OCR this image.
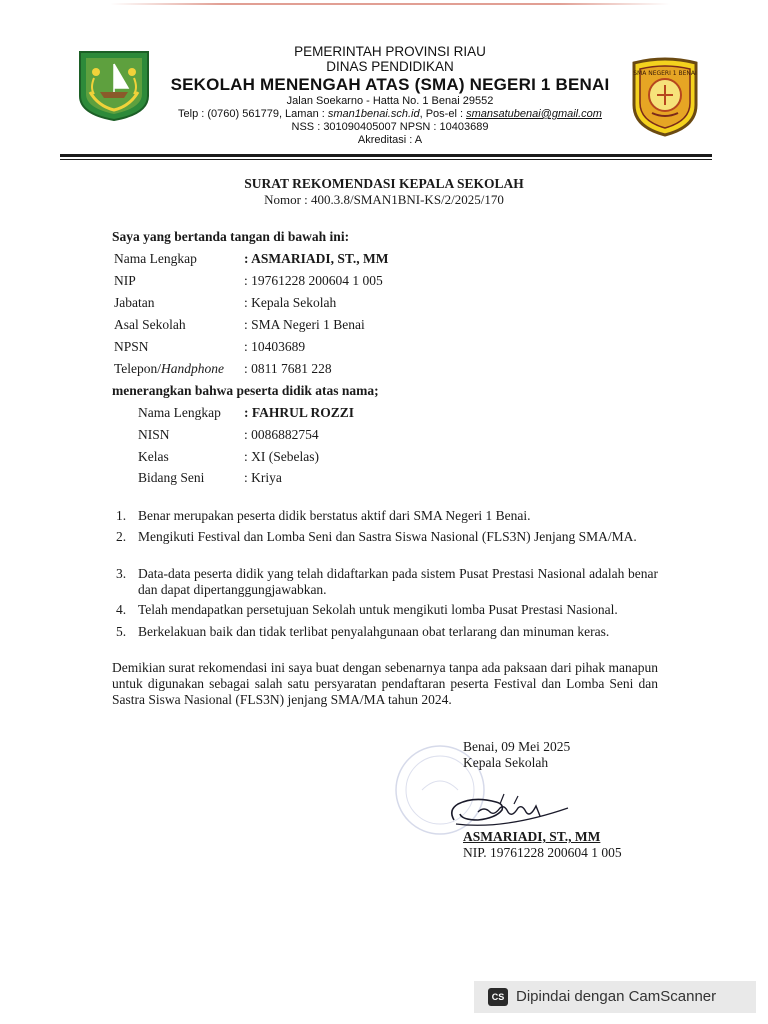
PEMERINTAH PROVINSI RIAU
DINAS PENDIDIKAN
SEKOLAH MENENGAH ATAS (SMA) NEGERI 1 BENAI
Jalan Soekarno - Hatta No. 1 Benai 29552
Telp : (0760) 561779, Laman : sman1benai.sch.id, Pos-el : smansatubenai@gmail.com
NSS : 301090405007 NPSN : 10403689
Akreditasi : A
SMA NEGERI 1 BENAI
SURAT REKOMENDASI KEPALA SEKOLAH
Nomor : 400.3.8/SMAN1BNI-KS/2/2025/170
Saya yang bertanda tangan di bawah ini:
Nama Lengkap	: ASMARIADI, ST., MM
NIP	: 19761228 200604 1 005
Jabatan	: Kepala Sekolah
Asal Sekolah	: SMA Negeri 1 Benai
NPSN	: 10403689
Telepon/Handphone : 0811 7681 228
menerangkan bahwa peserta didik atas nama;
Nama Lengkap : FAHRUL ROZZI
NISN	: 0086882754
Kelas	: XI (Sebelas)
Bidang Seni	: Kriya
1. Benar merupakan peserta didik berstatus aktif dari SMA Negeri 1 Benai.
2. Mengikuti Festival dan Lomba Seni dan Sastra Siswa Nasional (FLS3N) Jenjang SMA/MA.
3. Data-data peserta didik yang telah didaftarkan pada sistem Pusat Prestasi Nasional adalah benar dan dapat dipertanggungjawabkan.
4. Telah mendapatkan persetujuan Sekolah untuk mengikuti lomba Pusat Prestasi Nasional.
5. Berkelakuan baik dan tidak terlibat penyalahgunaan obat terlarang dan minuman keras.
Demikian surat rekomendasi ini saya buat dengan sebenarnya tanpa ada paksaan dari pihak manapun untuk digunakan sebagai salah satu persyaratan pendaftaran peserta Festival dan Lomba Seni dan Sastra Siswa Nasional (FLS3N) jenjang SMA/MA tahun 2024.
Benai, 09 Mei 2025
Kepala Sekolah
ASMARIADI, ST., MM
NIP. 19761228 200604 1 005
CS Dipindai dengan CamScanner
